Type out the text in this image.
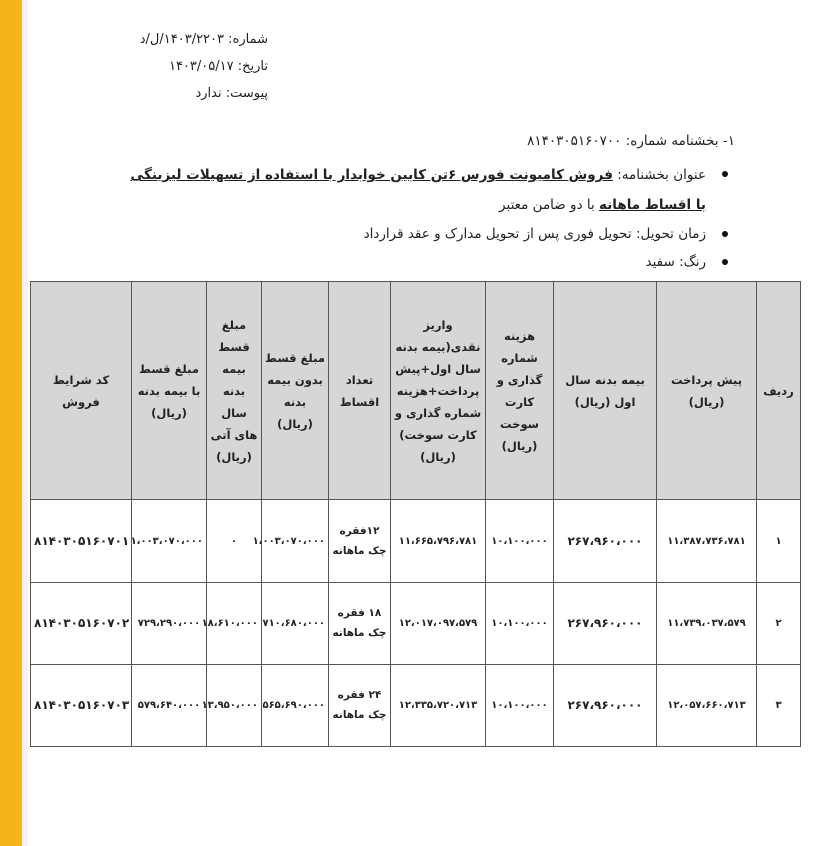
شماره: ۱۴۰۳/۲۲۰۳/ل/د
تاریخ: ۱۴۰۳/۰۵/۱۷
پیوست: ندارد
۱- بخشنامه شماره: ۸۱۴۰۳۰۵۱۶۰۷۰۰
عنوان بخشنامه: فروش کامیونت فورس ۶تن کابین خوابدار با استفاده از تسهیلات لیزینگی با اقساط ماهانه با دو ضامن معتبر
زمان تحویل: تحویل فوری پس از تحویل مدارک و عقد قرارداد
رنگ: سفید
ردیف	پیش پرداخت (ریال)	بیمه بدنه سال اول (ریال)	هزینه شماره گذاری و کارت سوخت (ریال)	واریز نقدی(بیمه بدنه سال اول+پیش پرداخت+هزینه شماره گذاری و کارت سوخت) (ریال)	تعداد اقساط	مبلغ قسط بدون بیمه بدنه (ریال)	مبلغ قسط بیمه بدنه سال های آتی (ریال)	مبلغ قسط با بیمه بدنه (ریال)	کد شرایط فروش
۱	۱۱،۳۸۷،۷۳۶،۷۸۱	۲۶۷،۹۶۰،۰۰۰	۱۰،۱۰۰،۰۰۰	۱۱،۶۶۵،۷۹۶،۷۸۱	۱۲فقره چک ماهانه	۱،۰۰۳،۰۷۰،۰۰۰	۰	۱،۰۰۳،۰۷۰،۰۰۰	۸۱۴۰۳۰۵۱۶۰۷۰۱
۲	۱۱،۷۳۹،۰۳۷،۵۷۹	۲۶۷،۹۶۰،۰۰۰	۱۰،۱۰۰،۰۰۰	۱۲،۰۱۷،۰۹۷،۵۷۹	۱۸ فقره چک ماهانه	۷۱۰،۶۸۰،۰۰۰	۱۸،۶۱۰،۰۰۰	۷۲۹،۲۹۰،۰۰۰	۸۱۴۰۳۰۵۱۶۰۷۰۲
۳	۱۲،۰۵۷،۶۶۰،۷۱۳	۲۶۷،۹۶۰،۰۰۰	۱۰،۱۰۰،۰۰۰	۱۲،۳۳۵،۷۲۰،۷۱۳	۲۴ فقره چک ماهانه	۵۶۵،۶۹۰،۰۰۰	۱۳،۹۵۰،۰۰۰	۵۷۹،۶۴۰،۰۰۰	۸۱۴۰۳۰۵۱۶۰۷۰۳
